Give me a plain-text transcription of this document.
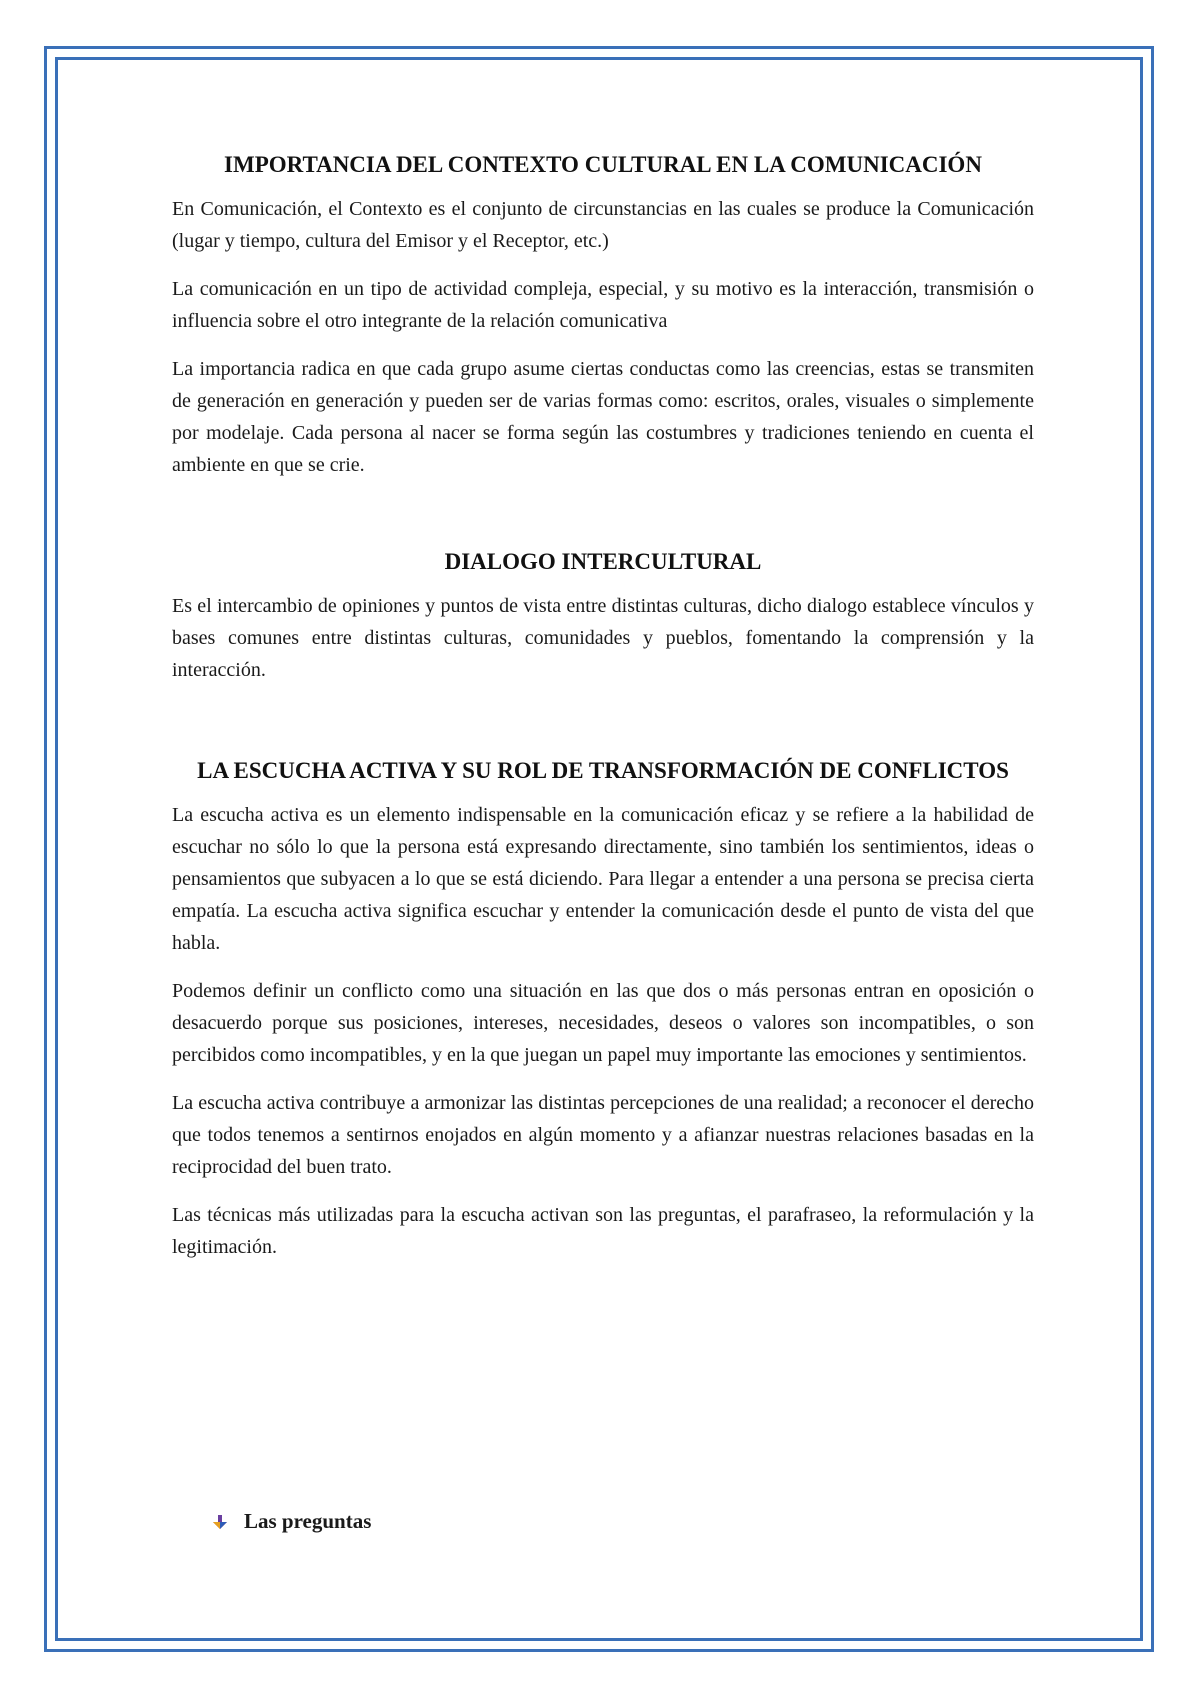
IMPORTANCIA DEL CONTEXTO CULTURAL EN LA COMUNICACIÓN

En Comunicación, el Contexto es el conjunto de circunstancias en las cuales se produce la Comunicación (lugar y tiempo, cultura del Emisor y el Receptor, etc.)

La comunicación en un tipo de actividad compleja, especial, y su motivo es la interacción, transmisión o influencia sobre el otro integrante de la relación comunicativa

La importancia radica en que cada grupo asume ciertas conductas como las creencias, estas se transmiten de generación en generación y pueden ser de varias formas como: escritos, orales, visuales o simplemente por modelaje. Cada persona al nacer se forma según las costumbres y tradiciones teniendo en cuenta el ambiente en que se crie.

DIALOGO INTERCULTURAL

Es el intercambio de opiniones y puntos de vista entre distintas culturas, dicho dialogo establece vínculos y bases comunes entre distintas culturas, comunidades y pueblos, fomentando la comprensión y la interacción.

LA ESCUCHA ACTIVA Y SU ROL DE TRANSFORMACIÓN DE CONFLICTOS

La escucha activa es un elemento indispensable en la comunicación eficaz y se refiere a la habilidad de escuchar no sólo lo que la persona está expresando directamente, sino también los sentimientos, ideas o pensamientos que subyacen a lo que se está diciendo. Para llegar a entender a una persona se precisa cierta empatía. La escucha activa significa escuchar y entender la comunicación desde el punto de vista del que habla.

Podemos definir un conflicto como una situación en las que dos o más personas entran en oposición o desacuerdo porque sus posiciones, intereses, necesidades, deseos o valores son incompatibles, o son percibidos como incompatibles, y en la que juegan un papel muy importante las emociones y sentimientos.

La escucha activa contribuye a armonizar las distintas percepciones de una realidad; a reconocer el derecho que todos tenemos a sentirnos enojados en algún momento y a afianzar nuestras relaciones basadas en la reciprocidad del buen trato.

Las técnicas más utilizadas para la escucha activan son las preguntas, el parafraseo, la reformulación y la legitimación.

Las preguntas
